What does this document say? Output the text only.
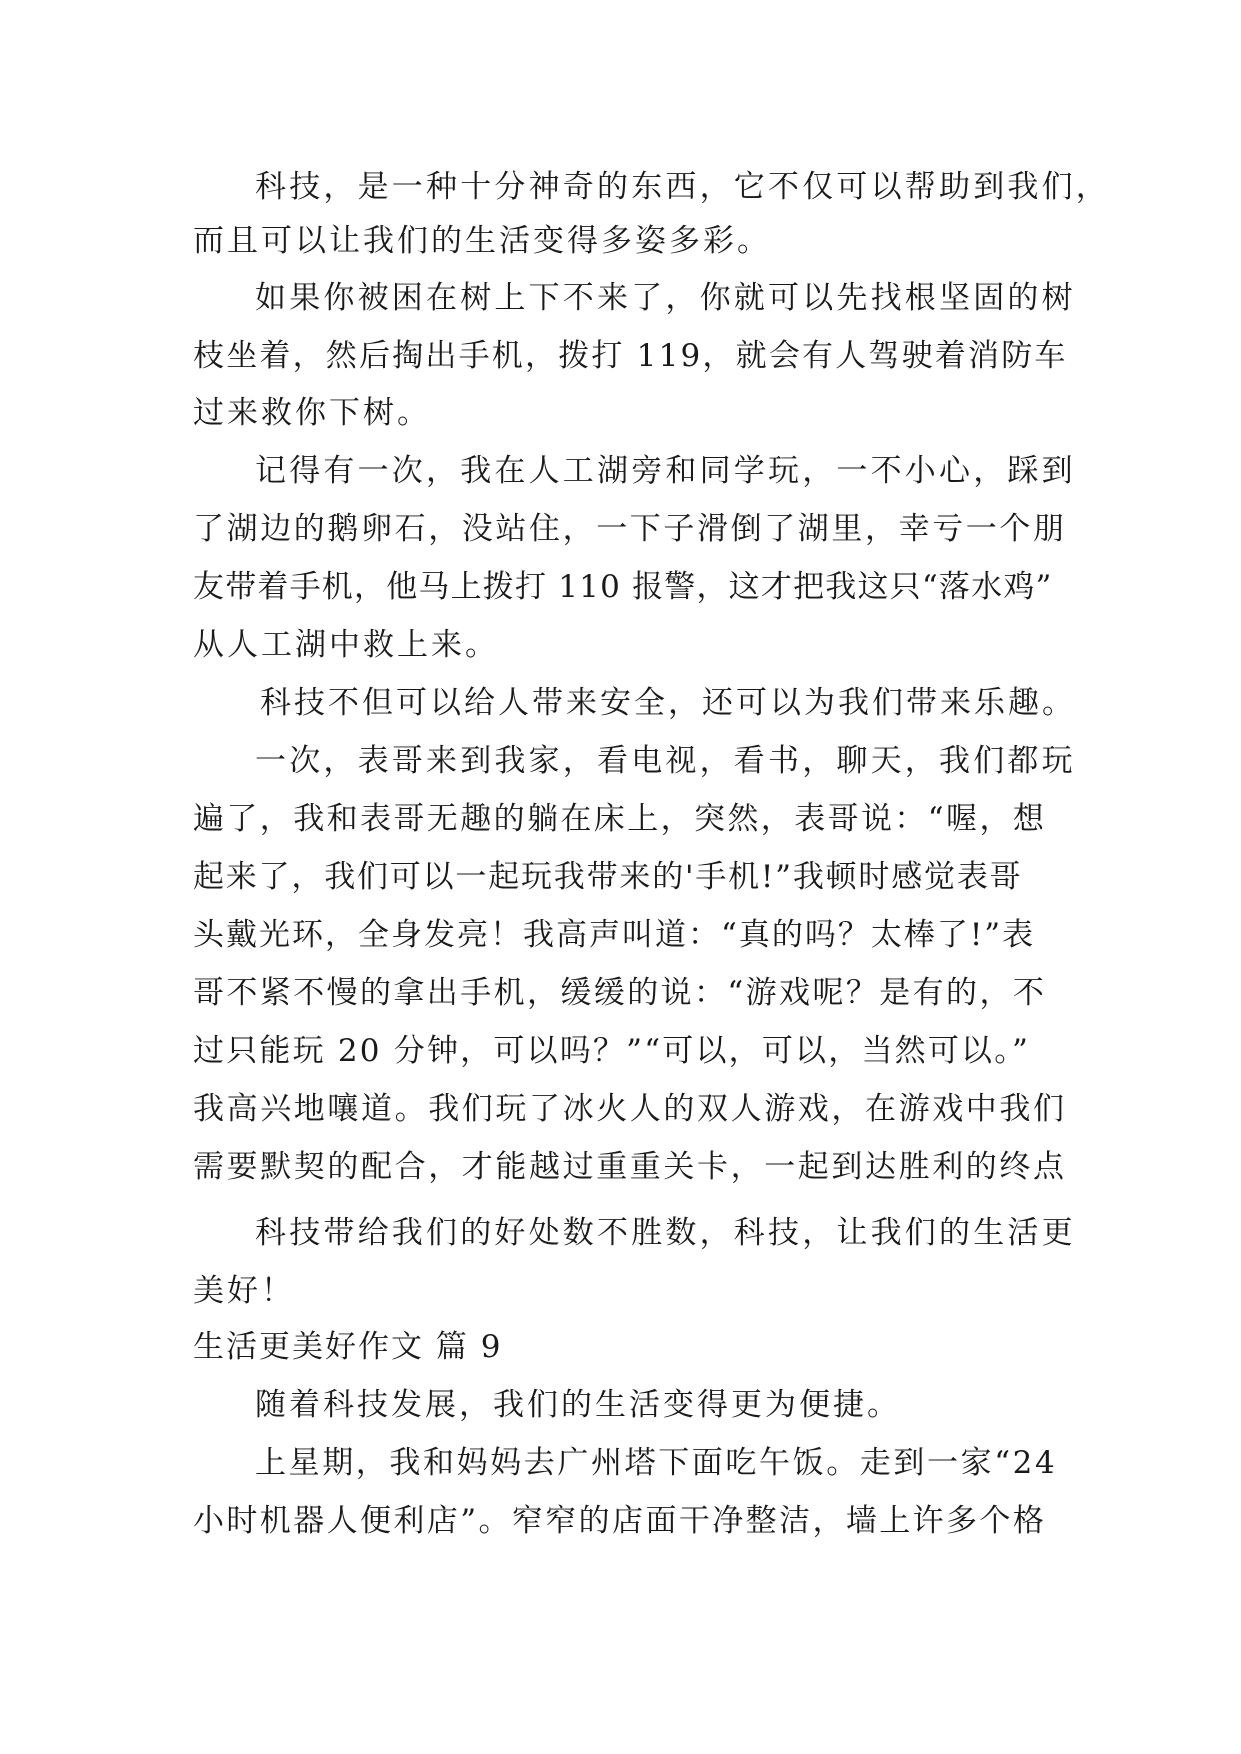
科技，是一种十分神奇的东西，它不仅可以帮助到我们，
而且可以让我们的生活变得多姿多彩。
如果你被困在树上下不来了，你就可以先找根坚固的树
枝坐着，然后掏出手机，拨打 119，就会有人驾驶着消防车
过来救你下树。
记得有一次，我在人工湖旁和同学玩，一不小心，踩到
了湖边的鹅卵石，没站住，一下子滑倒了湖里，幸亏一个朋
友带着手机，他马上拨打 110 报警，这才把我这只“落水鸡”
从人工湖中救上来。
科技不但可以给人带来安全，还可以为我们带来乐趣。
一次，表哥来到我家，看电视，看书，聊天，我们都玩
遍了，我和表哥无趣的躺在床上，突然，表哥说：“喔，想
起来了，我们可以一起玩我带来的'手机!”我顿时感觉表哥
头戴光环，全身发亮！我高声叫道：“真的吗？太棒了!”表
哥不紧不慢的拿出手机，缓缓的说：“游戏呢？是有的，不
过只能玩 20 分钟，可以吗？”“可以，可以，当然可以。”
我高兴地嚷道。我们玩了冰火人的双人游戏，在游戏中我们
需要默契的配合，才能越过重重关卡，一起到达胜利的终点
科技带给我们的好处数不胜数，科技，让我们的生活更
美好！
生活更美好作文 篇 9
随着科技发展，我们的生活变得更为便捷。
上星期，我和妈妈去广州塔下面吃午饭。走到一家“24
小时机器人便利店”。窄窄的店面干净整洁，墙上许多个格
